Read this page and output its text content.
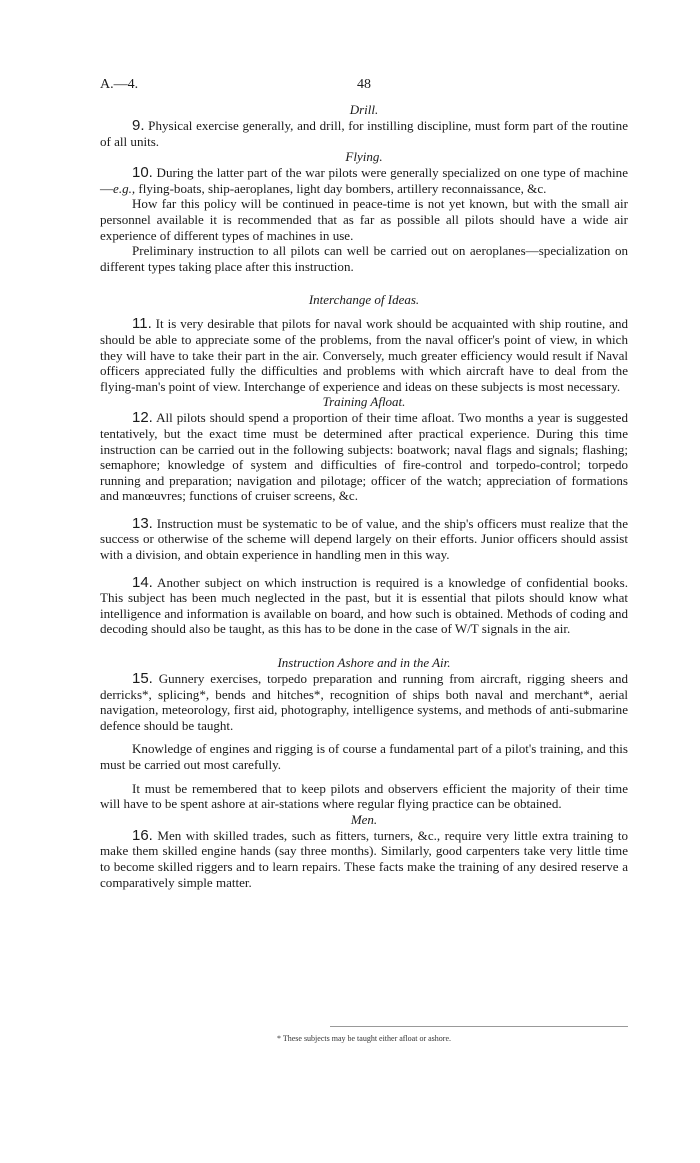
A.—4.	48
Drill.

9. Physical exercise generally, and drill, for instilling discipline, must form part of the routine of all units.

Flying.

10. During the latter part of the war pilots were generally specialized on one type of machine—e.g., flying-boats, ship-aeroplanes, light day bombers, artillery reconnaissance, &c.

How far this policy will be continued in peace-time is not yet known, but with the small air personnel available it is recommended that as far as possible all pilots should have a wide air experience of different types of machines in use.

Preliminary instruction to all pilots can well be carried out on aeroplanes—specialization on different types taking place after this instruction.

Interchange of Ideas.

11. It is very desirable that pilots for naval work should be acquainted with ship routine, and should be able to appreciate some of the problems, from the naval officer's point of view, in which they will have to take their part in the air. Conversely, much greater efficiency would result if Naval officers appreciated fully the difficulties and problems with which aircraft have to deal from the flying-man's point of view. Interchange of experience and ideas on these subjects is most necessary.

Training Afloat.

12. All pilots should spend a proportion of their time afloat. Two months a year is suggested tentatively, but the exact time must be determined after practical experience. During this time instruction can be carried out in the following subjects: boatwork; naval flags and signals; flashing; semaphore; knowledge of system and difficulties of fire-control and torpedo-control; torpedo running and preparation; navigation and pilotage; officer of the watch; appreciation of formations and manœuvres; functions of cruiser screens, &c.

13. Instruction must be systematic to be of value, and the ship's officers must realize that the success or otherwise of the scheme will depend largely on their efforts. Junior officers should assist with a division, and obtain experience in handling men in this way.

14. Another subject on which instruction is required is a knowledge of confidential books. This subject has been much neglected in the past, but it is essential that pilots should know what intelligence and information is available on board, and how such is obtained. Methods of coding and decoding should also be taught, as this has to be done in the case of W/T signals in the air.

Instruction Ashore and in the Air.

15. Gunnery exercises, torpedo preparation and running from aircraft, rigging sheers and derricks*, splicing*, bends and hitches*, recognition of ships both naval and merchant*, aerial navigation, meteorology, first aid, photography, intelligence systems, and methods of anti-submarine defence should be taught.

Knowledge of engines and rigging is of course a fundamental part of a pilot's training, and this must be carried out most carefully.

It must be remembered that to keep pilots and observers efficient the majority of their time will have to be spent ashore at air-stations where regular flying practice can be obtained.

Men.

16. Men with skilled trades, such as fitters, turners, &c., require very little extra training to make them skilled engine hands (say three months). Similarly, good carpenters take very little time to become skilled riggers and to learn repairs. These facts make the training of any desired reserve a comparatively simple matter.

* These subjects may be taught either afloat or ashore.
